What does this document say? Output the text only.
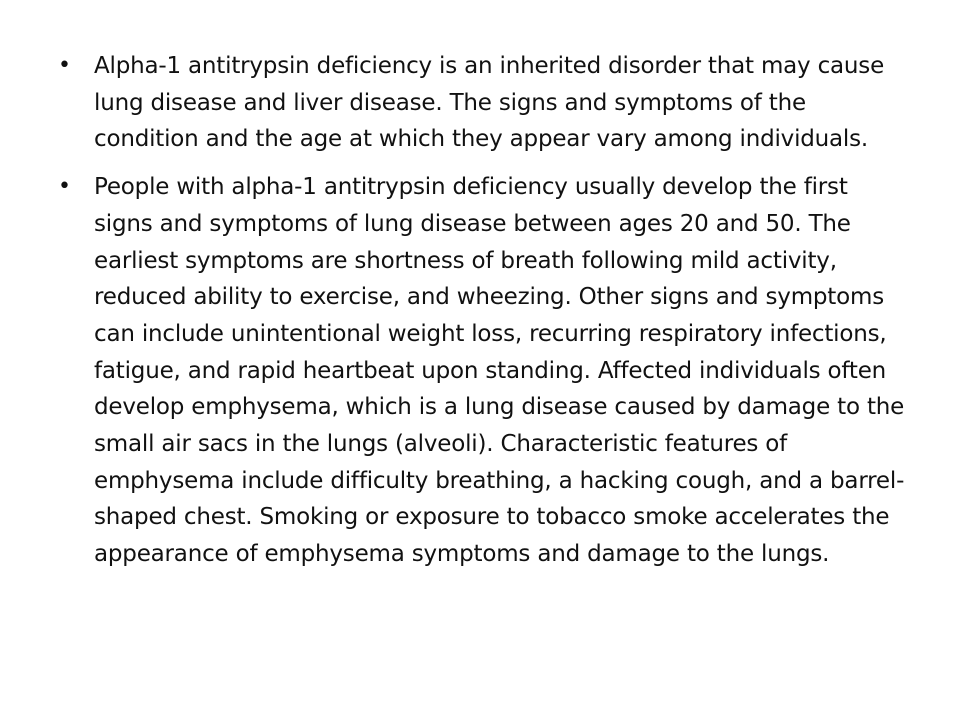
• Alpha-1 antitrypsin deficiency is an inherited disorder that may cause lung disease and liver disease. The signs and symptoms of the condition and the age at which they appear vary among individuals.
• People with alpha-1 antitrypsin deficiency usually develop the first signs and symptoms of lung disease between ages 20 and 50. The earliest symptoms are shortness of breath following mild activity, reduced ability to exercise, and wheezing. Other signs and symptoms can include unintentional weight loss, recurring respiratory infections, fatigue, and rapid heartbeat upon standing. Affected individuals often develop emphysema, which is a lung disease caused by damage to the small air sacs in the lungs (alveoli). Characteristic features of emphysema include difficulty breathing, a hacking cough, and a barrel-shaped chest. Smoking or exposure to tobacco smoke accelerates the appearance of emphysema symptoms and damage to the lungs.
